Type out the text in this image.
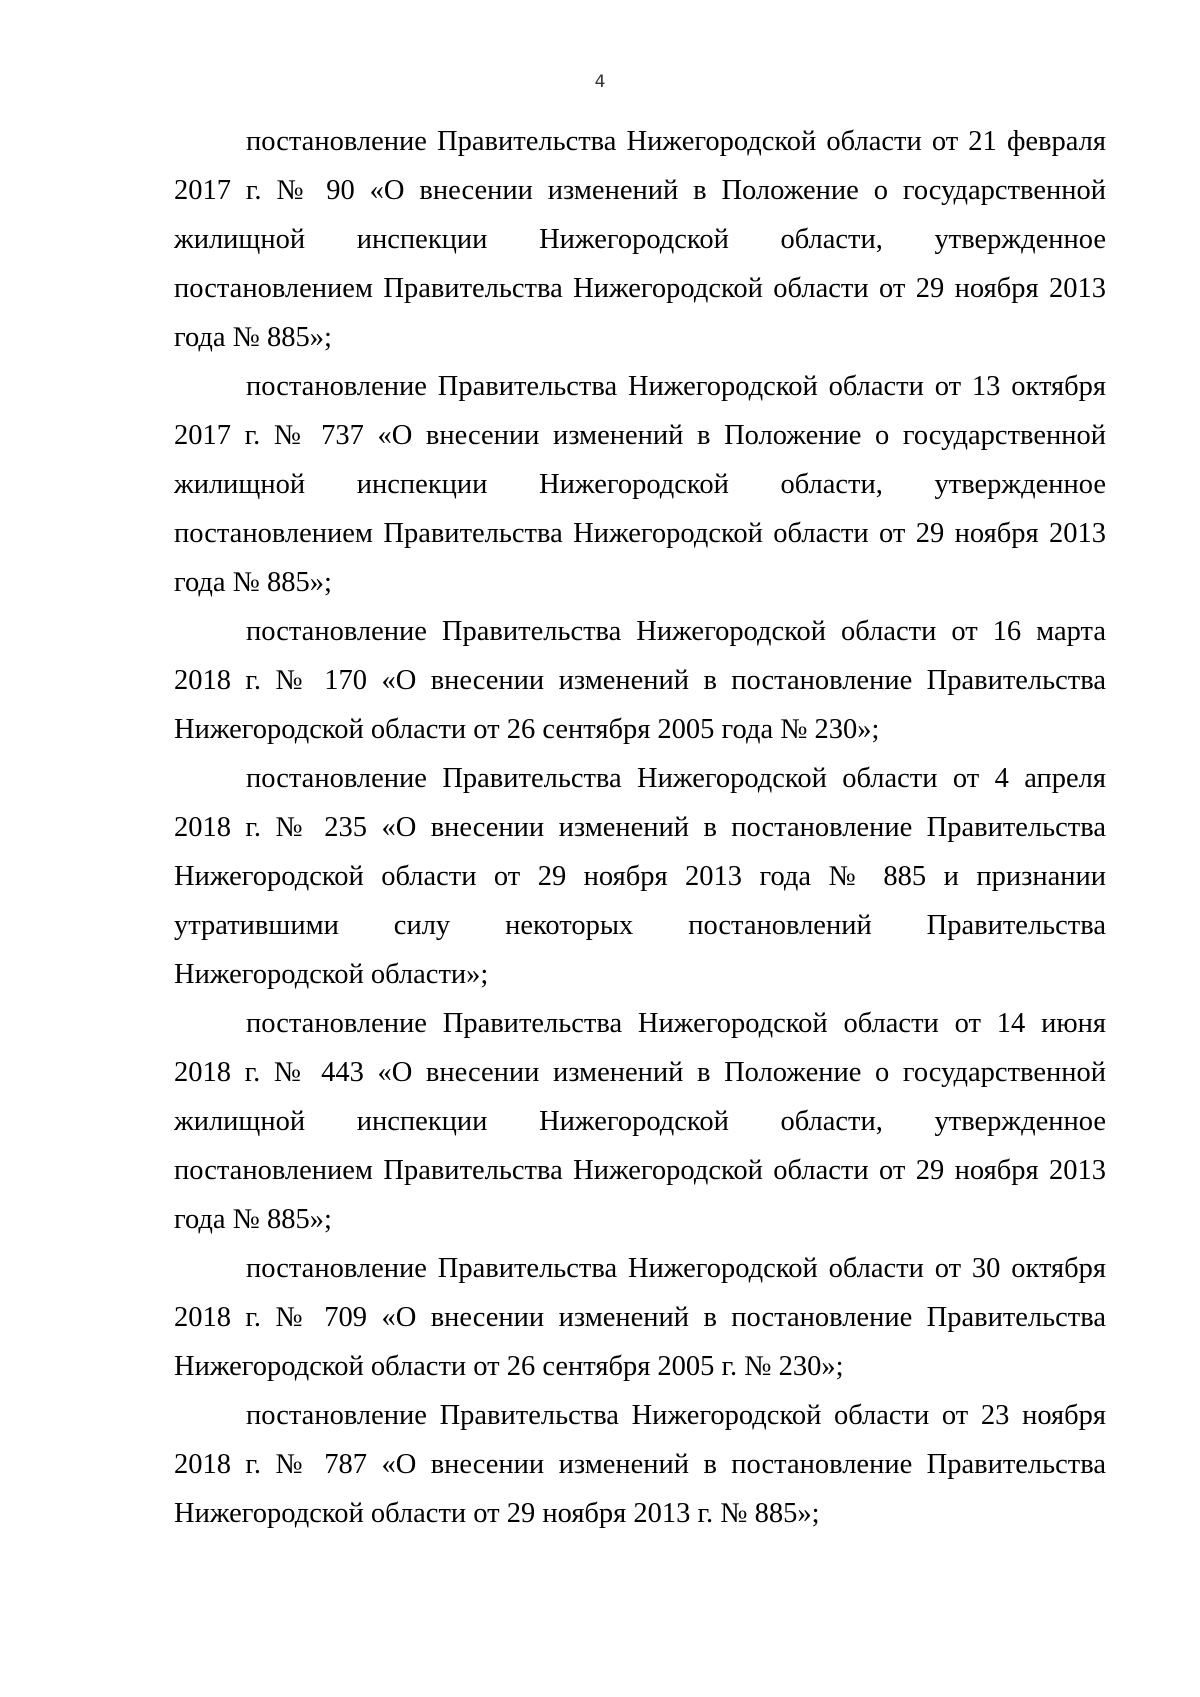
4

постановление Правительства Нижегородской области от 21 февраля 2017 г. № 90 «О внесении изменений в Положение о государственной жилищной инспекции Нижегородской области, утвержденное постановлением Правительства Нижегородской области от 29 ноября 2013 года № 885»;

постановление Правительства Нижегородской области от 13 октября 2017 г. № 737 «О внесении изменений в Положение о государственной жилищной инспекции Нижегородской области, утвержденное постановлением Правительства Нижегородской области от 29 ноября 2013 года № 885»;

постановление Правительства Нижегородской области от 16 марта 2018 г. № 170 «О внесении изменений в постановление Правительства Нижегородской области от 26 сентября 2005 года № 230»;

постановление Правительства Нижегородской области от 4 апреля 2018 г. № 235 «О внесении изменений в постановление Правительства Нижегородской области от 29 ноября 2013 года № 885 и признании утратившими силу некоторых постановлений Правительства Нижегородской области»;

постановление Правительства Нижегородской области от 14 июня 2018 г. № 443 «О внесении изменений в Положение о государственной жилищной инспекции Нижегородской области, утвержденное постановлением Правительства Нижегородской области от 29 ноября 2013 года № 885»;

постановление Правительства Нижегородской области от 30 октября 2018 г. № 709 «О внесении изменений в постановление Правительства Нижегородской области от 26 сентября 2005 г. № 230»;

постановление Правительства Нижегородской области от 23 ноября 2018 г. № 787 «О внесении изменений в постановление Правительства Нижегородской области от 29 ноября 2013 г. № 885»;
